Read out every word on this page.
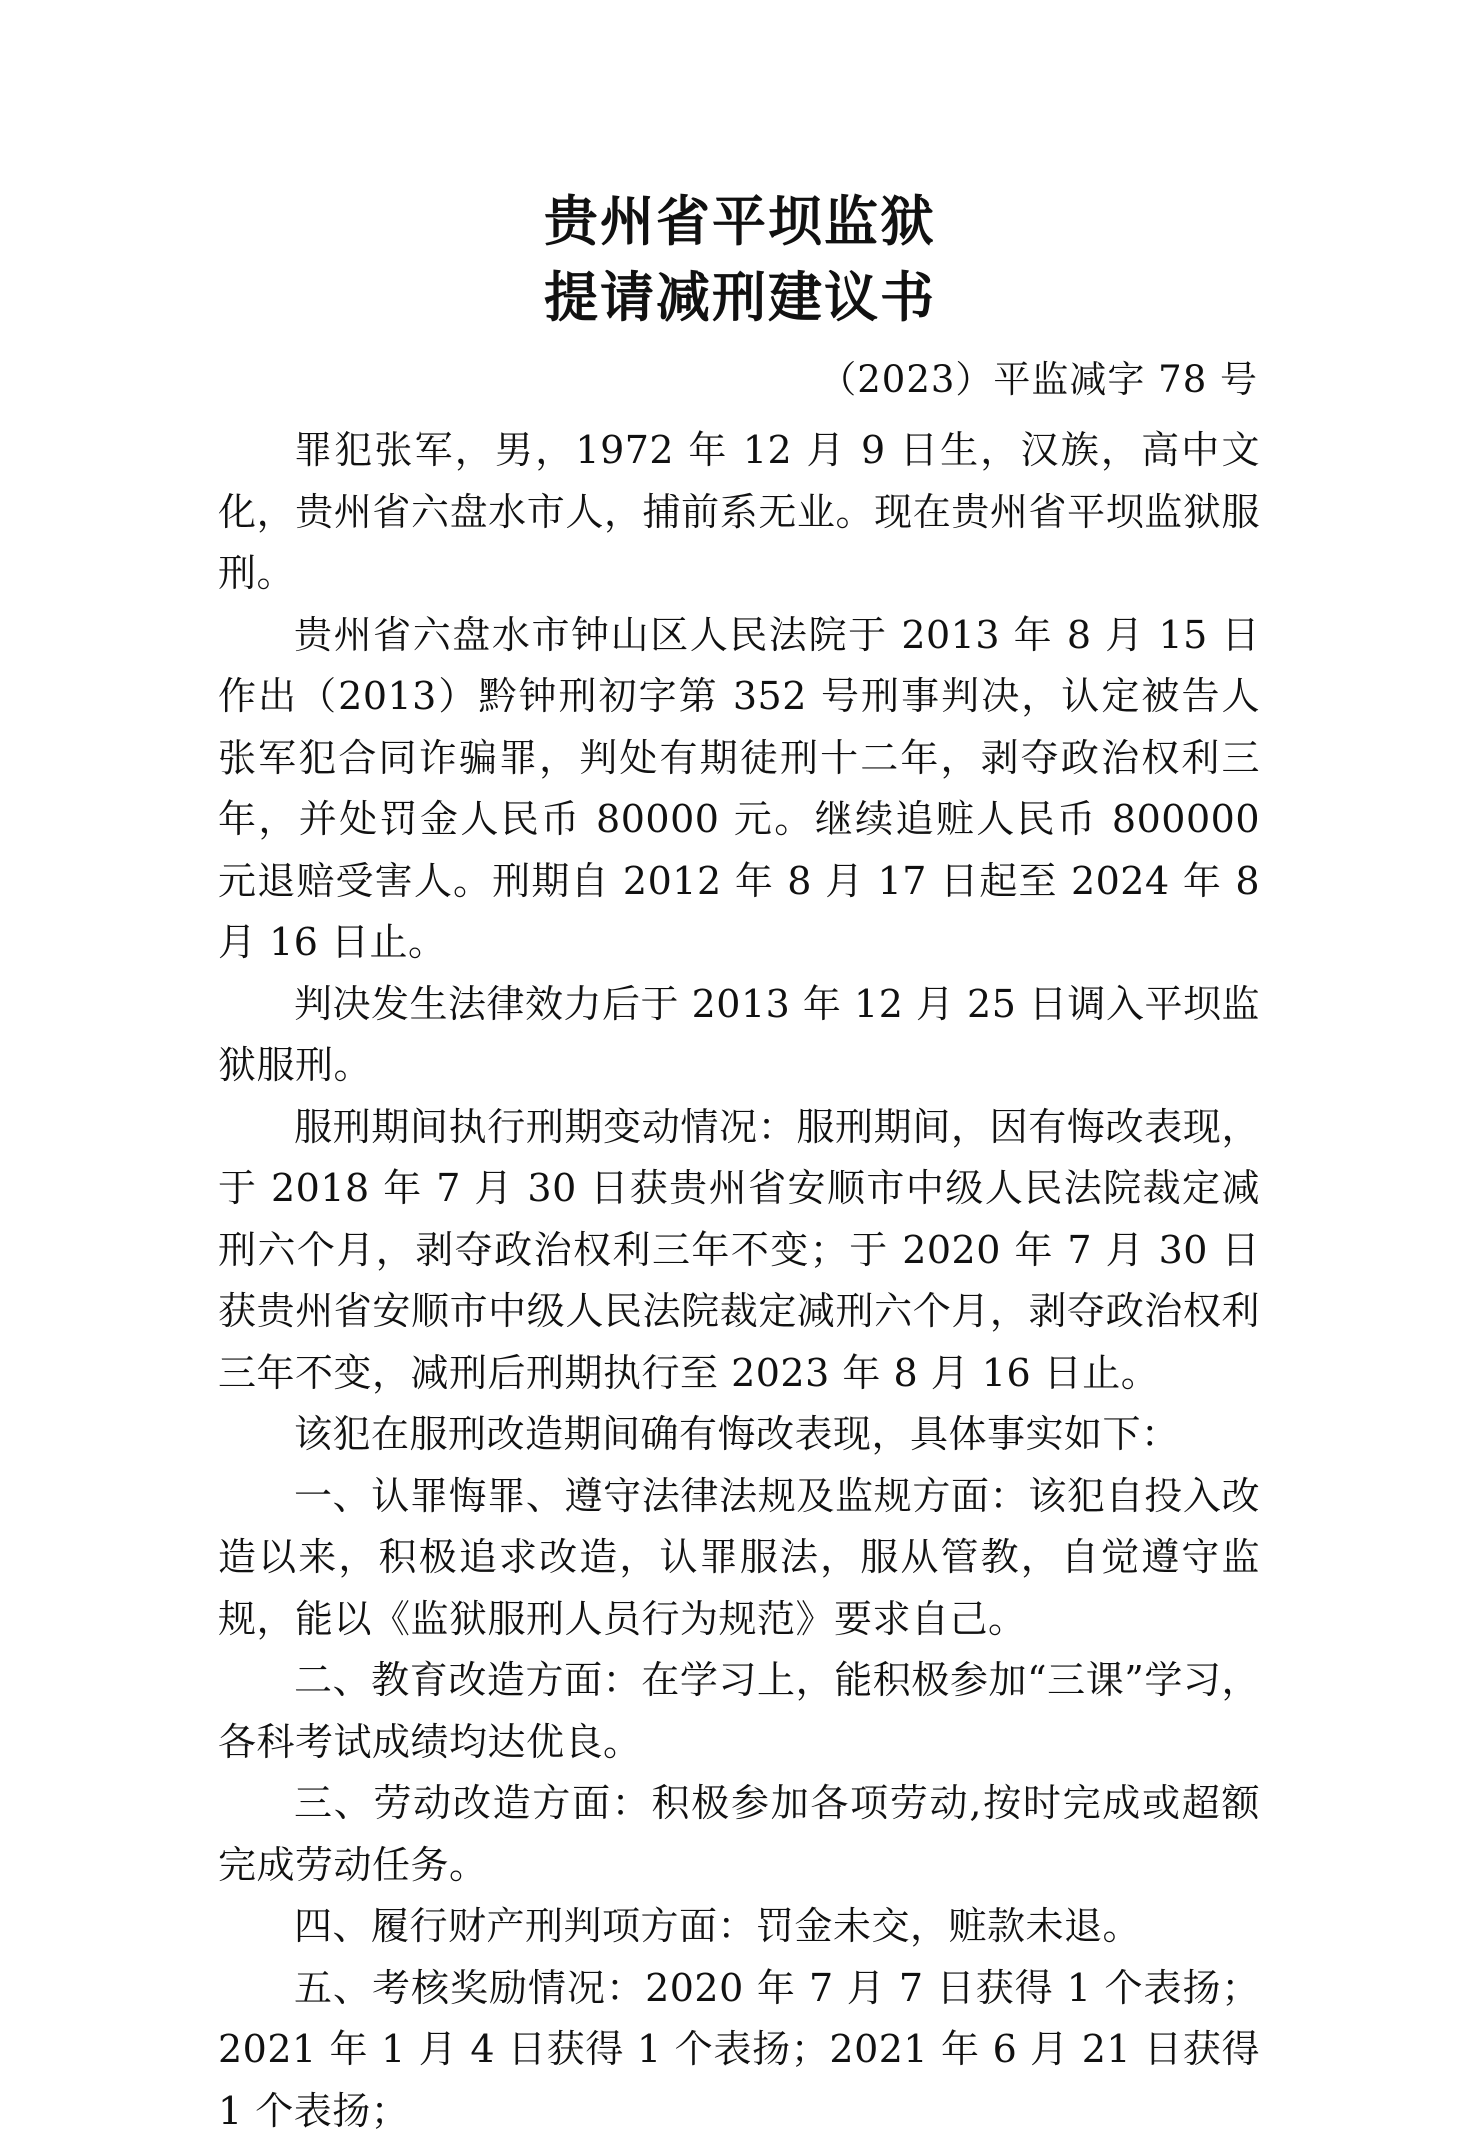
贵州省平坝监狱
提请减刑建议书
（2023）平监减字 78 号

罪犯张军，男，1972 年 12 月 9 日生，汉族，高中文化，贵州省六盘水市人，捕前系无业。现在贵州省平坝监狱服刑。

贵州省六盘水市钟山区人民法院于 2013 年 8 月 15 日作出（2013）黔钟刑初字第 352 号刑事判决，认定被告人张军犯合同诈骗罪，判处有期徒刑十二年，剥夺政治权利三年，并处罚金人民币 80000 元。继续追赃人民币 800000 元退赔受害人。刑期自 2012 年 8 月 17 日起至 2024 年 8 月 16 日止。

判决发生法律效力后于 2013 年 12 月 25 日调入平坝监狱服刑。

服刑期间执行刑期变动情况：服刑期间，因有悔改表现，于 2018 年 7 月 30 日获贵州省安顺市中级人民法院裁定减刑六个月，剥夺政治权利三年不变；于 2020 年 7 月 30 日获贵州省安顺市中级人民法院裁定减刑六个月，剥夺政治权利三年不变，减刑后刑期执行至 2023 年 8 月 16 日止。

该犯在服刑改造期间确有悔改表现，具体事实如下：

一、认罪悔罪、遵守法律法规及监规方面：该犯自投入改造以来，积极追求改造，认罪服法，服从管教，自觉遵守监规，能以《监狱服刑人员行为规范》要求自己。

二、教育改造方面：在学习上，能积极参加“三课”学习，各科考试成绩均达优良。

三、劳动改造方面：积极参加各项劳动,按时完成或超额完成劳动任务。

四、履行财产刑判项方面：罚金未交，赃款未退。

五、考核奖励情况：2020 年 7 月 7 日获得 1 个表扬；2021 年 1 月 4 日获得 1 个表扬；2021 年 6 月 21 日获得 1 个表扬；
